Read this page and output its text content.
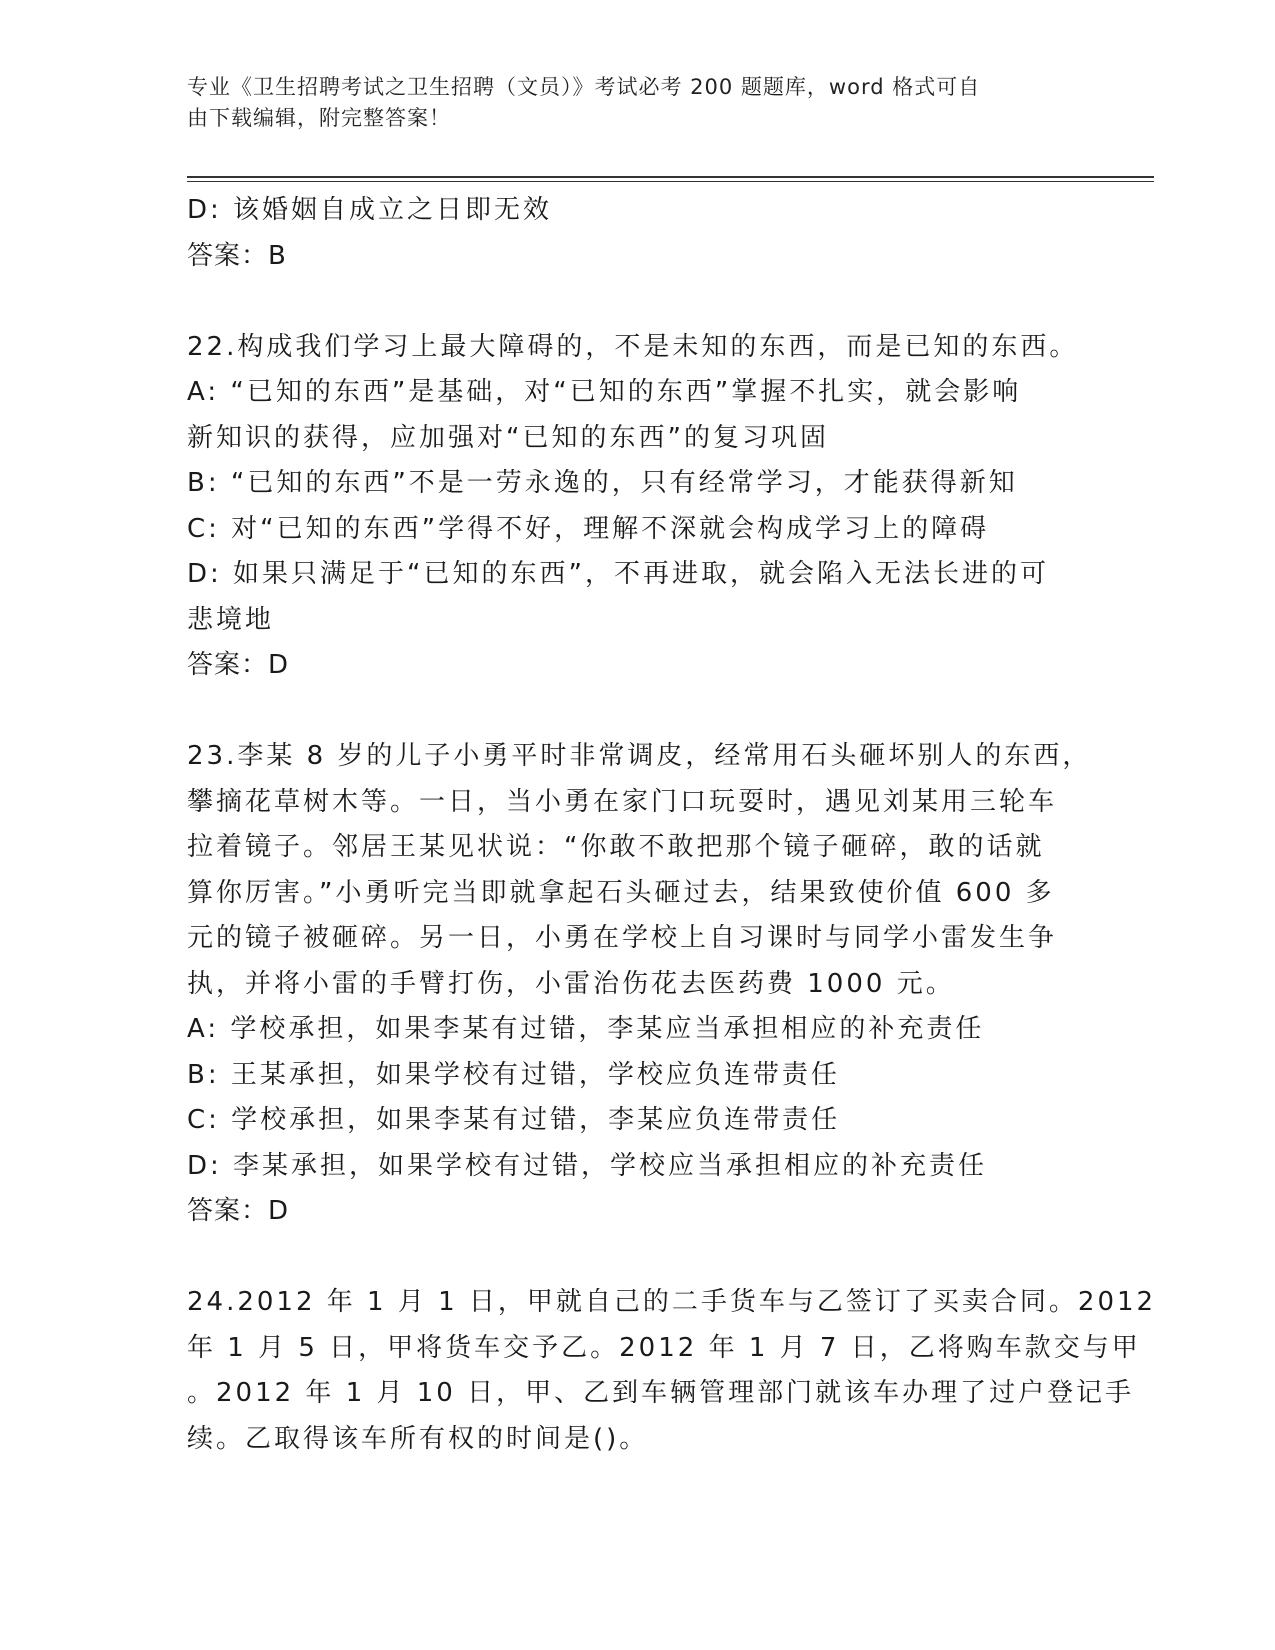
专业《卫生招聘考试之卫生招聘（文员）》考试必考 200 题题库，word 格式可自
由下载编辑，附完整答案！
D: 该婚姻自成立之日即无效
答案：B
22.构成我们学习上最大障碍的，不是未知的东西，而是已知的东西。
A: “已知的东西”是基础，对“已知的东西”掌握不扎实，就会影响
新知识的获得，应加强对“已知的东西”的复习巩固
B: “已知的东西”不是一劳永逸的，只有经常学习，才能获得新知
C: 对“已知的东西”学得不好，理解不深就会构成学习上的障碍
D: 如果只满足于“已知的东西”，不再进取，就会陷入无法长进的可
悲境地
答案：D
23.李某 8 岁的儿子小勇平时非常调皮，经常用石头砸坏别人的东西，
攀摘花草树木等。一日，当小勇在家门口玩耍时，遇见刘某用三轮车
拉着镜子。邻居王某见状说：“你敢不敢把那个镜子砸碎，敢的话就
算你厉害。”小勇听完当即就拿起石头砸过去，结果致使价值 600 多
元的镜子被砸碎。另一日，小勇在学校上自习课时与同学小雷发生争
执，并将小雷的手臂打伤，小雷治伤花去医药费 1000 元。
A: 学校承担，如果李某有过错，李某应当承担相应的补充责任
B: 王某承担，如果学校有过错，学校应负连带责任
C: 学校承担，如果李某有过错，李某应负连带责任
D: 李某承担，如果学校有过错，学校应当承担相应的补充责任
答案：D
24.2012 年 1 月 1 日，甲就自己的二手货车与乙签订了买卖合同。2012
年 1 月 5 日，甲将货车交予乙。2012 年 1 月 7 日，乙将购车款交与甲
。2012 年 1 月 10 日，甲、乙到车辆管理部门就该车办理了过户登记手
续。乙取得该车所有权的时间是()。
